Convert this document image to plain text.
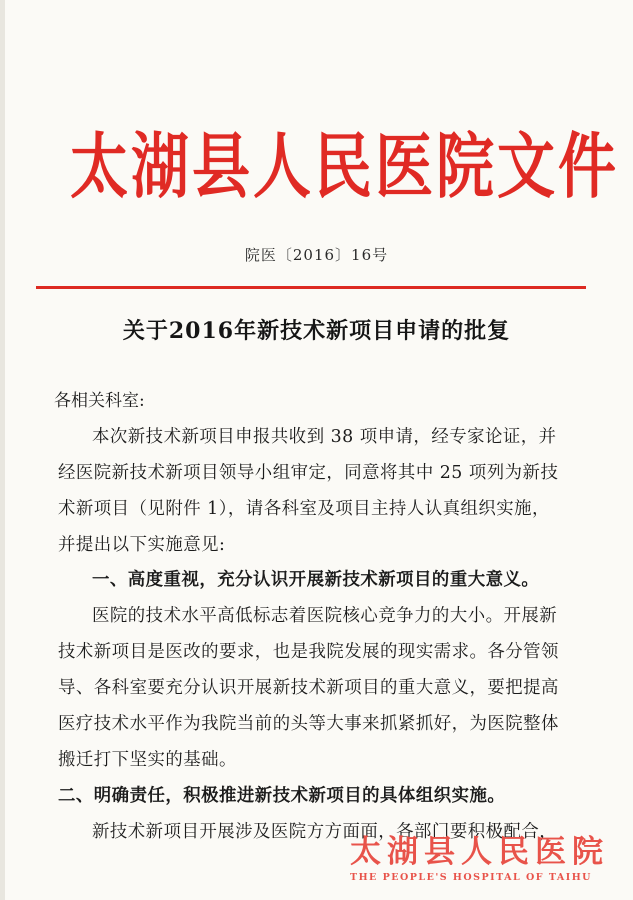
太湖县人民医院文件
院医〔2016〕16号
关于2016年新技术新项目申请的批复
各相关科室:
本次新技术新项目申报共收到 38 项申请，经专家论证，并
经医院新技术新项目领导小组审定，同意将其中 25 项列为新技
术新项目（见附件 1），请各科室及项目主持人认真组织实施，
并提出以下实施意见:
一、高度重视，充分认识开展新技术新项目的重大意义。
医院的技术水平高低标志着医院核心竞争力的大小。开展新
技术新项目是医改的要求，也是我院发展的现实需求。各分管领
导、各科室要充分认识开展新技术新项目的重大意义，要把提高
医疗技术水平作为我院当前的头等大事来抓紧抓好，为医院整体
搬迁打下坚实的基础。
二、明确责任，积极推进新技术新项目的具体组织实施。
新技术新项目开展涉及医院方方面面，各部门要积极配合，
太湖县人民医院
THE PEOPLE'S HOSPITAL OF TAIHU
